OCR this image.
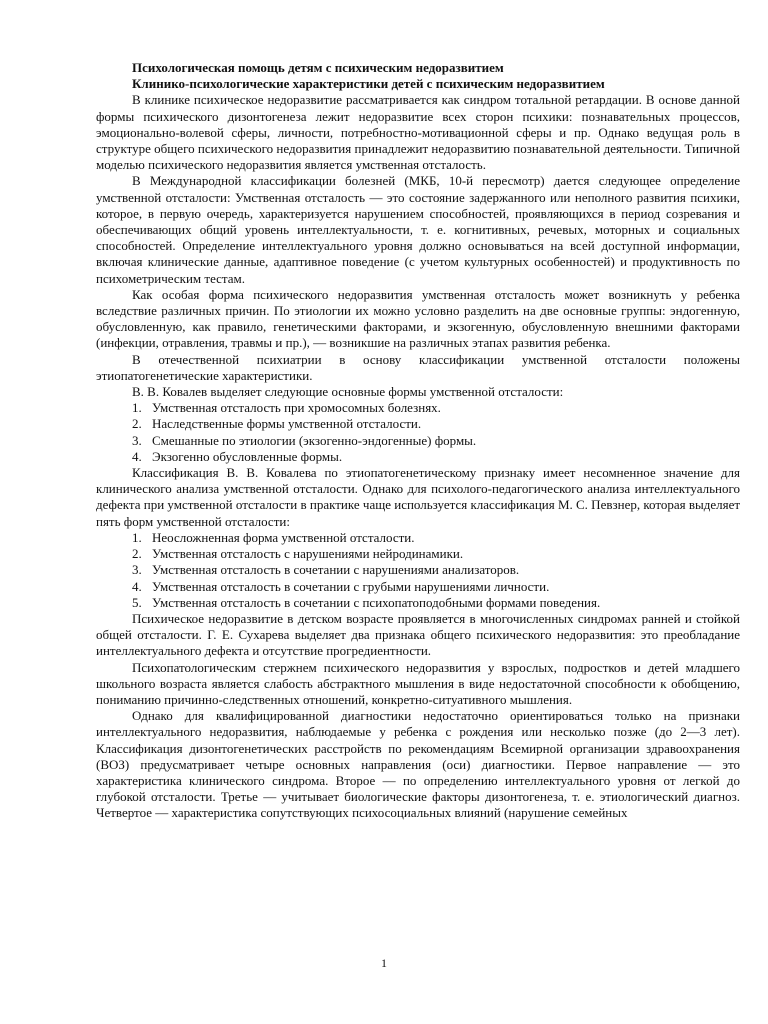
Психологическая помощь детям с психическим недоразвитием

Клинико-психологические характеристики детей с психическим недоразвитием

В клинике психическое недоразвитие рассматривается как синдром тотальной ретардации. В основе данной формы психического дизонтогенеза лежит недоразвитие всех сторон психики: познавательных процессов, эмоционально-волевой сферы, личности, потребностно-мотивационной сферы и пр. Однако ведущая роль в структуре общего психического недоразвития принадлежит недоразвитию познавательной деятельности. Типичной моделью психического недоразвития является умственная отсталость.

В Международной классификации болезней (МКБ, 10-й пересмотр) дается следующее определение умственной отсталости: Умственная отсталость — это состояние задержанного или неполного развития психики, которое, в первую очередь, характеризуется нарушением способностей, проявляющихся в период созревания и обеспечивающих общий уровень интеллектуальности, т. е. когнитивных, речевых, моторных и социальных способностей. Определение интеллектуального уровня должно основываться на всей доступной информации, включая клинические данные, адаптивное поведение (с учетом культурных особенностей) и продуктивность по психометрическим тестам.

Как особая форма психического недоразвития умственная отсталость может возникнуть у ребенка вследствие различных причин. По этиологии их можно условно разделить на две основные группы: эндогенную, обусловленную, как правило, генетическими факторами, и экзогенную, обусловленную внешними факторами (инфекции, отравления, травмы и пр.), — возникшие на различных этапах развития ребенка.

В отечественной психиатрии в основу классификации умственной отсталости положены этиопатогенетические характеристики.

В. В. Ковалев выделяет следующие основные формы умственной отсталости:

1. Умственная отсталость при хромосомных болезнях.
2. Наследственные формы умственной отсталости.
3. Смешанные по этиологии (экзогенно-эндогенные) формы.
4. Экзогенно обусловленные формы.

Классификация В. В. Ковалева по этиопатогенетическому признаку имеет несомненное значение для клинического анализа умственной отсталости. Однако для психолого-педагогического анализа интеллектуального дефекта при умственной отсталости в практике чаще используется классификация М. С. Певзнер, которая выделяет пять форм умственной отсталости:

1. Неосложненная форма умственной отсталости.
2. Умственная отсталость с нарушениями нейродинамики.
3. Умственная отсталость в сочетании с нарушениями анализаторов.
4. Умственная отсталость в сочетании с грубыми нарушениями личности.
5. Умственная отсталость в сочетании с психопатоподобными формами поведения.

Психическое недоразвитие в детском возрасте проявляется в многочисленных синдромах ранней и стойкой общей отсталости. Г. Е. Сухарева выделяет два признака общего психического недоразвития: это преобладание интеллектуального дефекта и отсутствие прогредиентности.

Психопатологическим стержнем психического недоразвития у взрослых, подростков и детей младшего школьного возраста является слабость абстрактного мышления в виде недостаточной способности к обобщению, пониманию причинно-следственных отношений, конкретно-ситуативного мышления.

Однако для квалифицированной диагностики недостаточно ориентироваться только на признаки интеллектуального недоразвития, наблюдаемые у ребенка с рождения или несколько позже (до 2—3 лет). Классификация дизонтогенетических расстройств по рекомендациям Всемирной организации здравоохранения (ВОЗ) предусматривает четыре основных направления (оси) диагностики. Первое направление — это характеристика клинического синдрома. Второе — по определению интеллектуального уровня от легкой до глубокой отсталости. Третье — учитывает биологические факторы дизонтогенеза, т. е. этиологический диагноз. Четвертое — характеристика сопутствующих психосоциальных влияний (нарушение семейных

1
